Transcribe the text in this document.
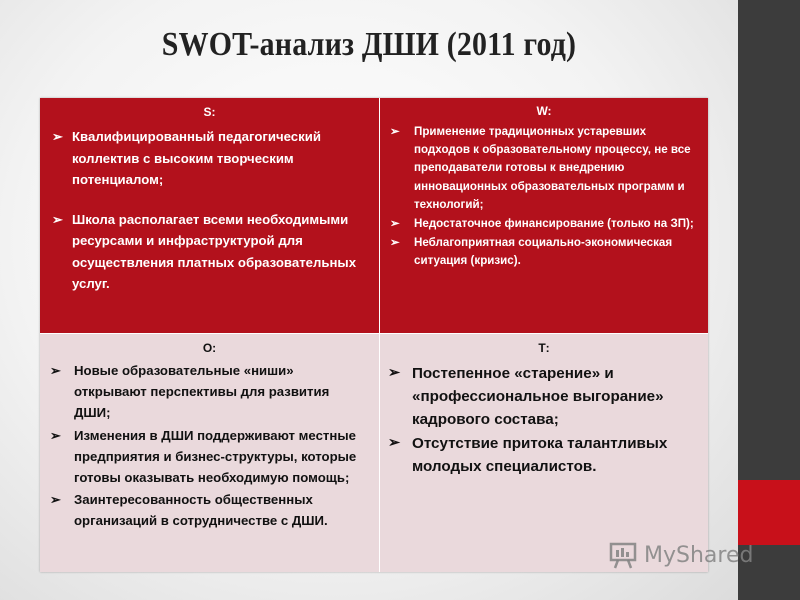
SWOT-анализ ДШИ (2011 год)
S:
➢ Квалифицированный педагогический коллектив с высоким творческим потенциалом;
➢ Школа располагает всеми необходимыми ресурсами и инфраструктурой для осуществления платных образовательных услуг.
W:
➢ Применение традиционных устаревших подходов к образовательному процессу, не все преподаватели готовы к внедрению инновационных образовательных программ и технологий;
➢ Недостаточное финансирование (только на ЗП);
➢ Неблагоприятная социально-экономическая ситуация (кризис).
О:
➢ Новые образовательные «ниши» открывают перспективы для развития ДШИ;
➢ Изменения в ДШИ поддерживают местные предприятия и бизнес-структуры, которые готовы оказывать необходимую помощь;
➢ Заинтересованность общественных организаций в сотрудничестве с ДШИ.
Т:
➢ Постепенное «старение» и «профессиональное выгорание» кадрового состава;
➢ Отсутствие притока талантливых молодых специалистов.
MyShared
